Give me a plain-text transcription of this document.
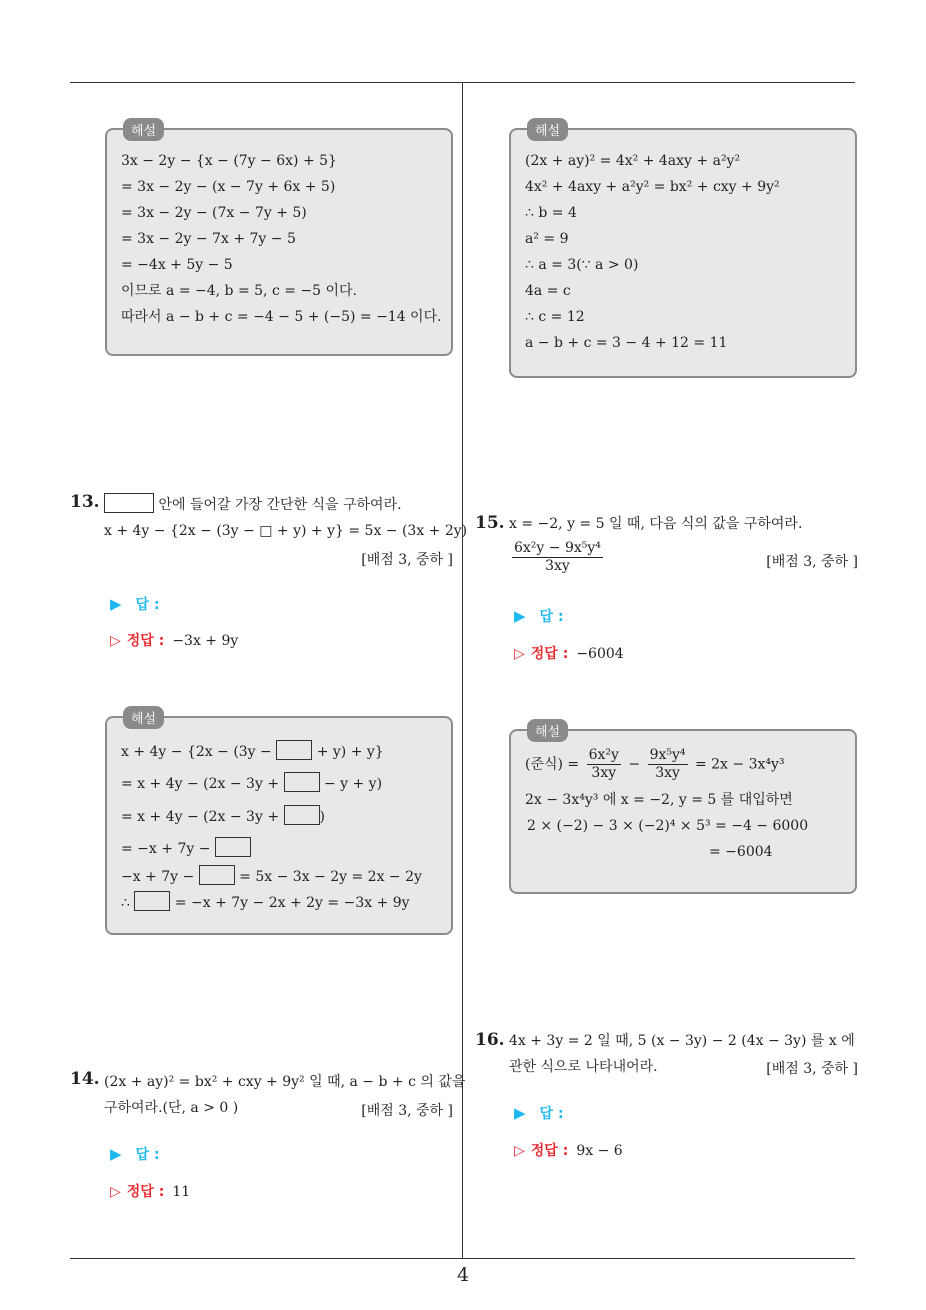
4
해설
3x − 2y − {x − (7y − 6x) + 5}
= 3x − 2y − (x − 7y + 6x + 5)
= 3x − 2y − (7x − 7y + 5)
= 3x − 2y − 7x + 7y − 5
= −4x + 5y − 5
이므로 a = −4, b = 5, c = −5 이다.
따라서 a − b + c = −4 − 5 + (−5) = −14 이다.
13.	안에 들어갈 가장 간단한 식을 구하여라.
x + 4y − {2x − (3y − □ + y) + y} = 5x − (3x + 2y)
[배점 3, 중하 ]
▶ 답 :
▷ 정답 : −3x + 9y
해설
x + 4y − {2x − (3y −	+ y) + y}
= x + 4y − (2x − 3y +	− y + y)
= x + 4y − (2x − 3y +	)
= −x + 7y −
−x + 7y −	= 5x − 3x − 2y = 2x − 2y
∴	= −x + 7y − 2x + 2y = −3x + 9y
14. (2x + ay)² = bx² + cxy + 9y² 일 때, a − b + c 의 값을
구하여라.(단, a > 0 )	[배점 3, 중하 ]
▶ 답 :
▷ 정답 : 11
해설
(2x + ay)² = 4x² + 4axy + a²y²
4x² + 4axy + a²y² = bx² + cxy + 9y²
∴ b = 4
a² = 9
∴ a = 3(∵ a > 0)
4a = c
∴ c = 12
a − b + c = 3 − 4 + 12 = 11
15. x = −2, y = 5 일 때, 다음 식의 값을 구하여라.
$\frac{\text{6x²y − 9x⁵y⁴}}{3xy}$	[배점 3, 중하 ]
▶ 답 :
▷ 정답 : −6004
해설
(준식) = $\frac{\text{6x²y}}{3xy} - \frac{\text{9x⁵y⁴}}{3xy} = 2x - 3x^4y^3$
2x − 3x⁴y³ 에 x = −2, y = 5 를 대입하면
2 × (−2) − 3 × (−2)⁴ × 5³ = −4 − 6000
= −6004
16. 4x + 3y = 2 일 때, 5 (x − 3y) − 2 (4x − 3y) 를 x 에
관한 식으로 나타내어라.	[배점 3, 중하 ]
▶ 답 :
▷ 정답 : 9x − 6
